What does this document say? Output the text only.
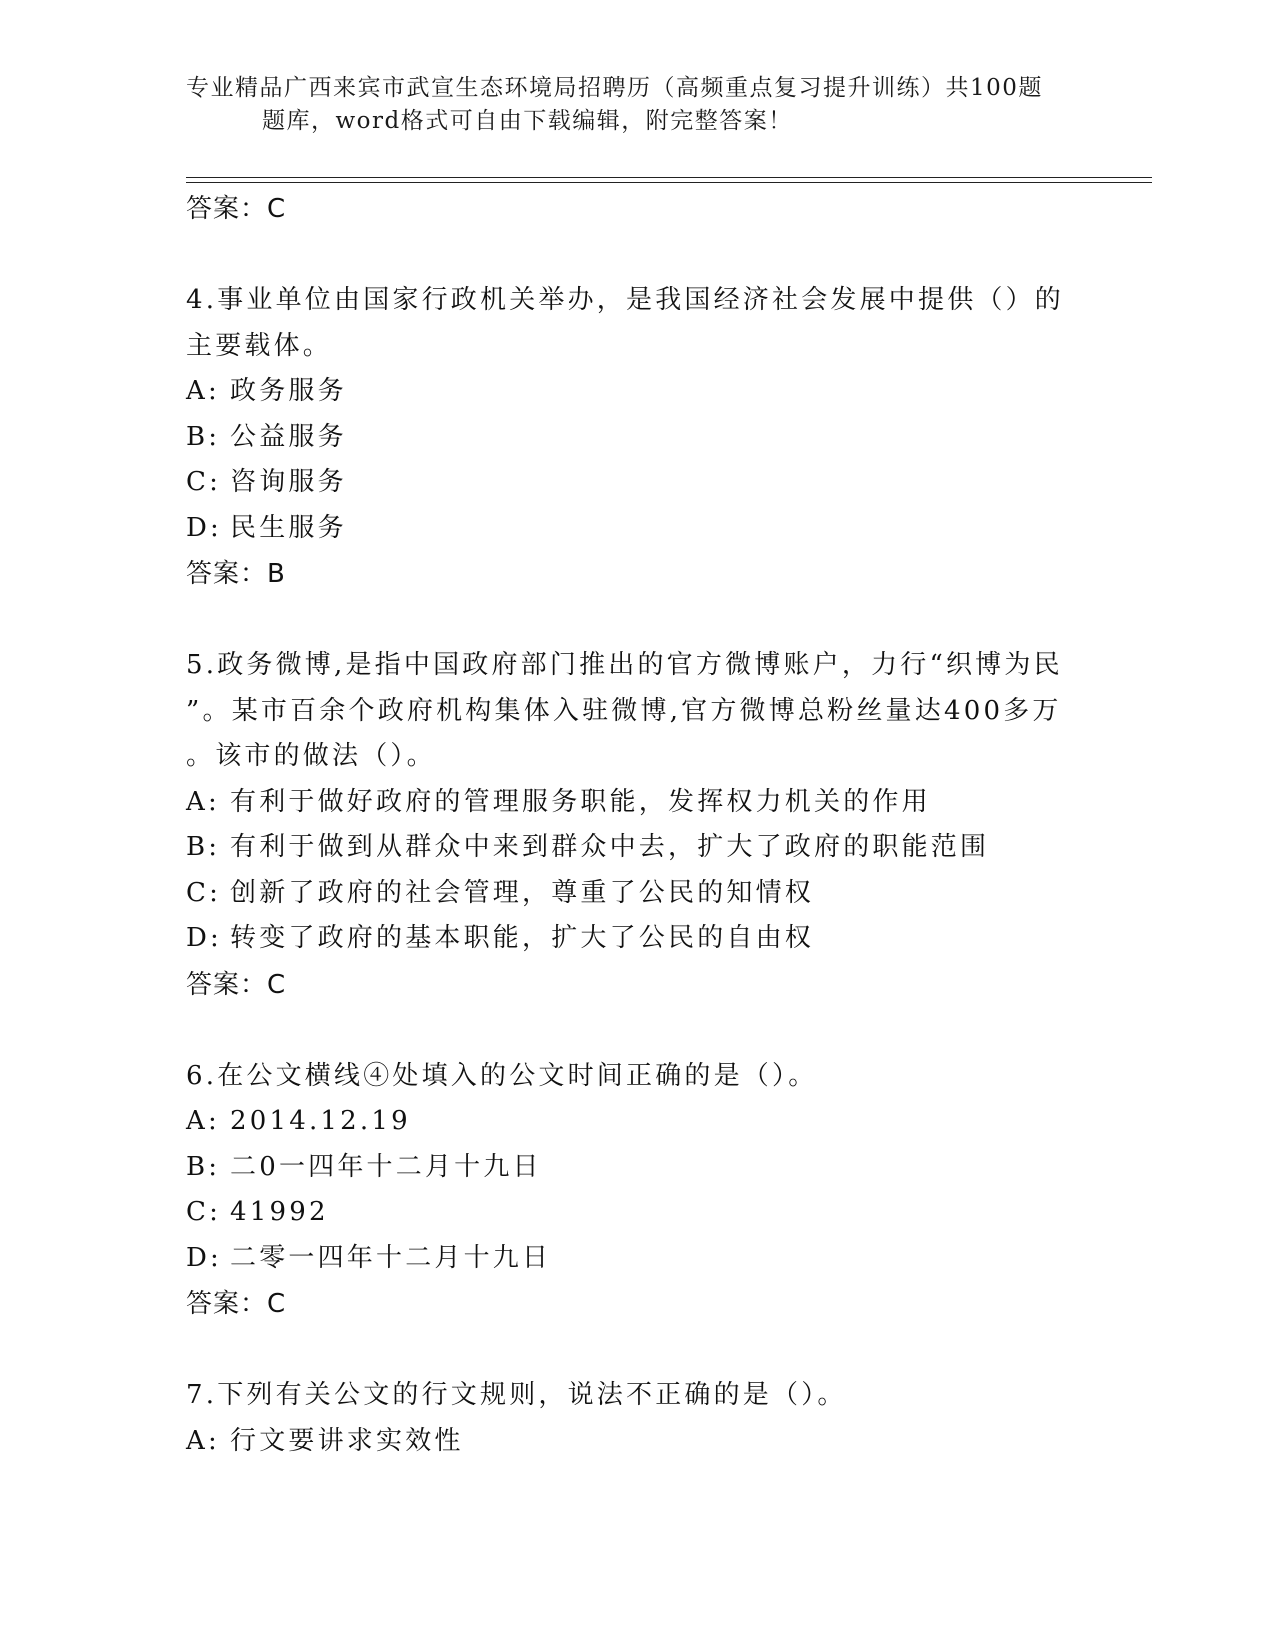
专业精品广西来宾市武宣生态环境局招聘历（高频重点复习提升训练）共100题
题库，word格式可自由下载编辑，附完整答案！
答案：C
4.事业单位由国家行政机关举办，是我国经济社会发展中提供（）的
主要载体。
A: 政务服务
B: 公益服务
C: 咨询服务
D: 民生服务
答案：B
5.政务微博,是指中国政府部门推出的官方微博账户，力行“织博为民
”。某市百余个政府机构集体入驻微博,官方微博总粉丝量达400多万
。该市的做法（）。
A: 有利于做好政府的管理服务职能，发挥权力机关的作用
B: 有利于做到从群众中来到群众中去，扩大了政府的职能范围
C: 创新了政府的社会管理，尊重了公民的知情权
D: 转变了政府的基本职能，扩大了公民的自由权
答案：C
6.在公文横线④处填入的公文时间正确的是（）。
A: 2014.12.19
B: 二0一四年十二月十九日
C: 41992
D: 二零一四年十二月十九日
答案：C
7.下列有关公文的行文规则，说法不正确的是（）。
A: 行文要讲求实效性
